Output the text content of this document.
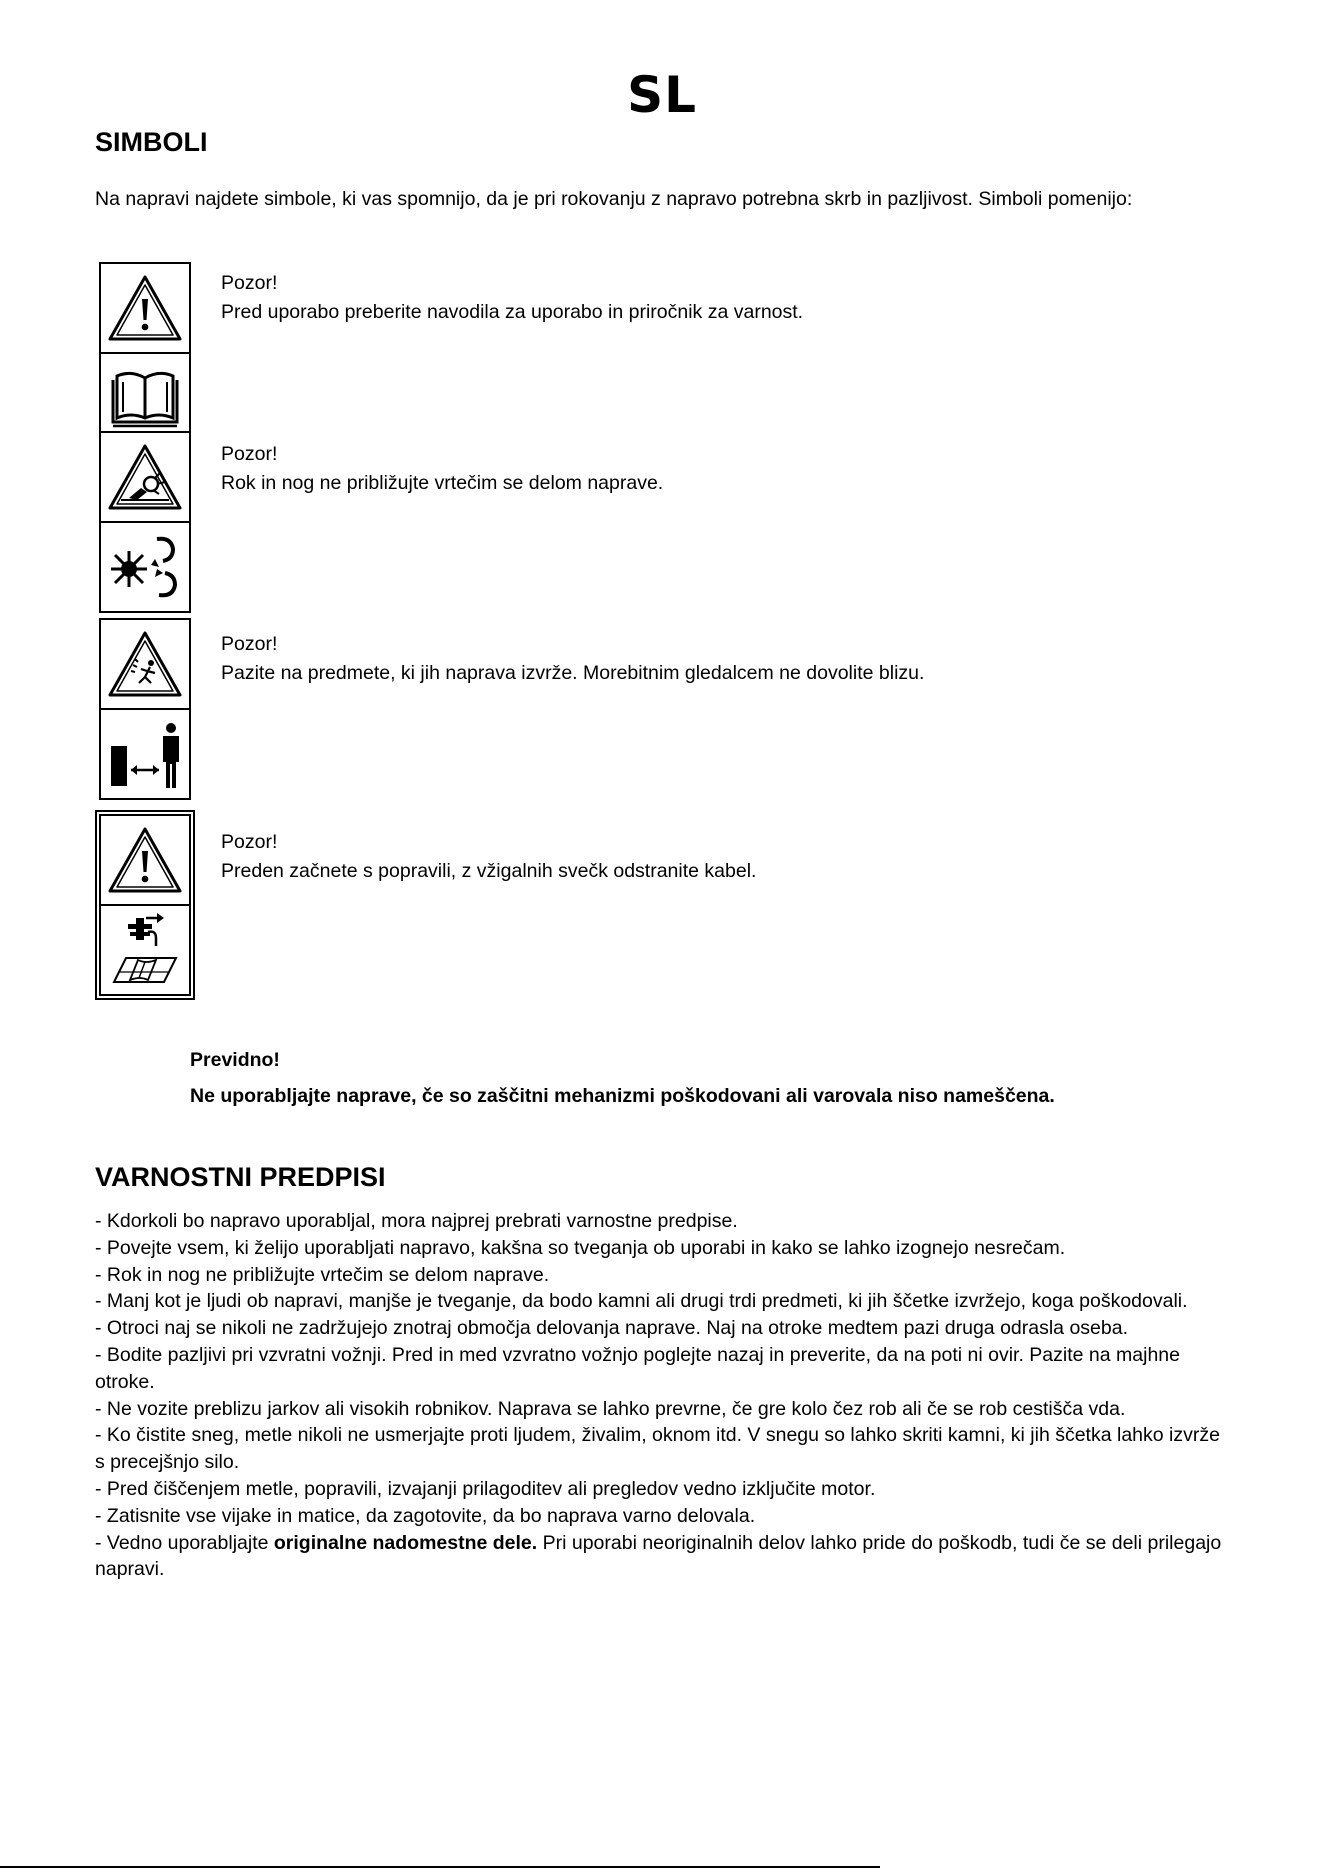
SL
SIMBOLI
Na napravi najdete simbole, ki vas spomnijo, da je pri rokovanju z napravo potrebna skrb in pazljivost. Simboli pomenijo:
Pozor!
Pred uporabo preberite navodila za uporabo in priročnik za varnost.
Pozor!
Rok in nog ne približujte vrtečim se delom naprave.
Pozor!
Pazite na predmete, ki jih naprava izvrže. Morebitnim gledalcem ne dovolite blizu.
Pozor!
Preden začnete s popravili, z vžigalnih svečk odstranite kabel.
Previdno!
Ne uporabljajte naprave, če so zaščitni mehanizmi poškodovani ali varovala niso nameščena.
VARNOSTNI PREDPISI

- Kdorkoli bo napravo uporabljal, mora najprej prebrati varnostne predpise.

- Povejte vsem, ki želijo uporabljati napravo, kakšna so tveganja ob uporabi in kako se lahko izognejo nesrečam.

- Rok in nog ne približujte vrtečim se delom naprave.

- Manj kot je ljudi ob napravi, manjše je tveganje, da bodo kamni ali drugi trdi predmeti, ki jih ščetke izvržejo, koga poškodovali.

- Otroci naj se nikoli ne zadržujejo znotraj območja delovanja naprave. Naj na otroke medtem pazi druga odrasla oseba.

- Bodite pazljivi pri vzvratni vožnji. Pred in med vzvratno vožnjo poglejte nazaj in preverite, da na poti ni ovir. Pazite na majhne otroke.

- Ne vozite preblizu jarkov ali visokih robnikov. Naprava se lahko prevrne, če gre kolo čez rob ali če se rob cestišča vda.

- Ko čistite sneg, metle nikoli ne usmerjajte proti ljudem, živalim, oknom itd. V snegu so lahko skriti kamni, ki jih ščetka lahko izvrže s precejšnjo silo.

- Pred čiščenjem metle, popravili, izvajanji prilagoditev ali pregledov vedno izključite motor.

- Zatisnite vse vijake in matice, da zagotovite, da bo naprava varno delovala.

- Vedno uporabljajte originalne nadomestne dele. Pri uporabi neoriginalnih delov lahko pride do poškodb, tudi če se deli prilegajo napravi.
